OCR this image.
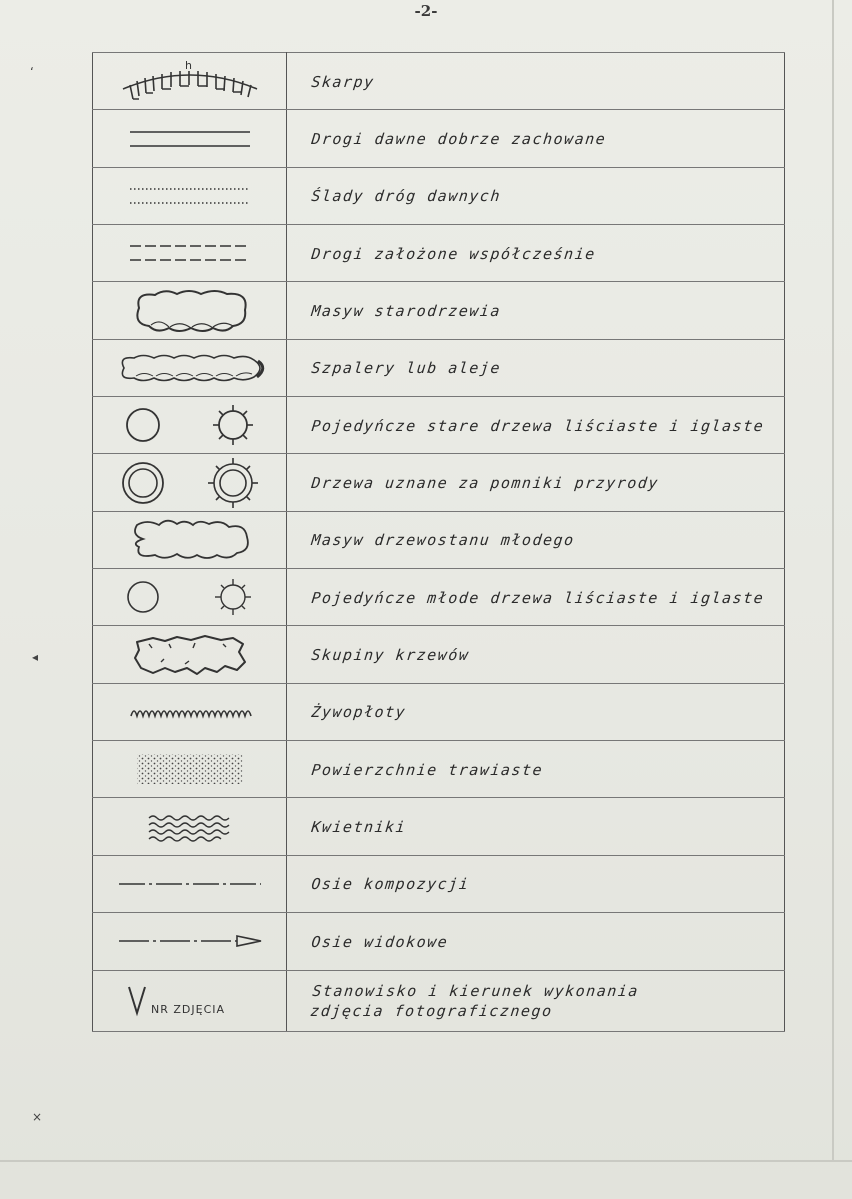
-2-
‘
◂
×
h	Skarpy

Drogi dawne dobrze zachowane

Ślady dróg dawnych

Drogi założone współcześnie

Masyw starodrzewia

Szpalery lub aleje

Pojedyńcze stare drzewa liściaste i iglaste

Drzewa uznane za pomniki przyrody

Masyw drzewostanu młodego

Pojedyńcze młode drzewa liściaste i iglaste

Skupiny krzewów

Żywopłoty

Powierzchnie trawiaste

Kwietniki

Osie kompozycji

Osie widokowe

NR ZDJĘCIA	Stanowisko i kierunek wykonania
zdjęcia fotograficznego
